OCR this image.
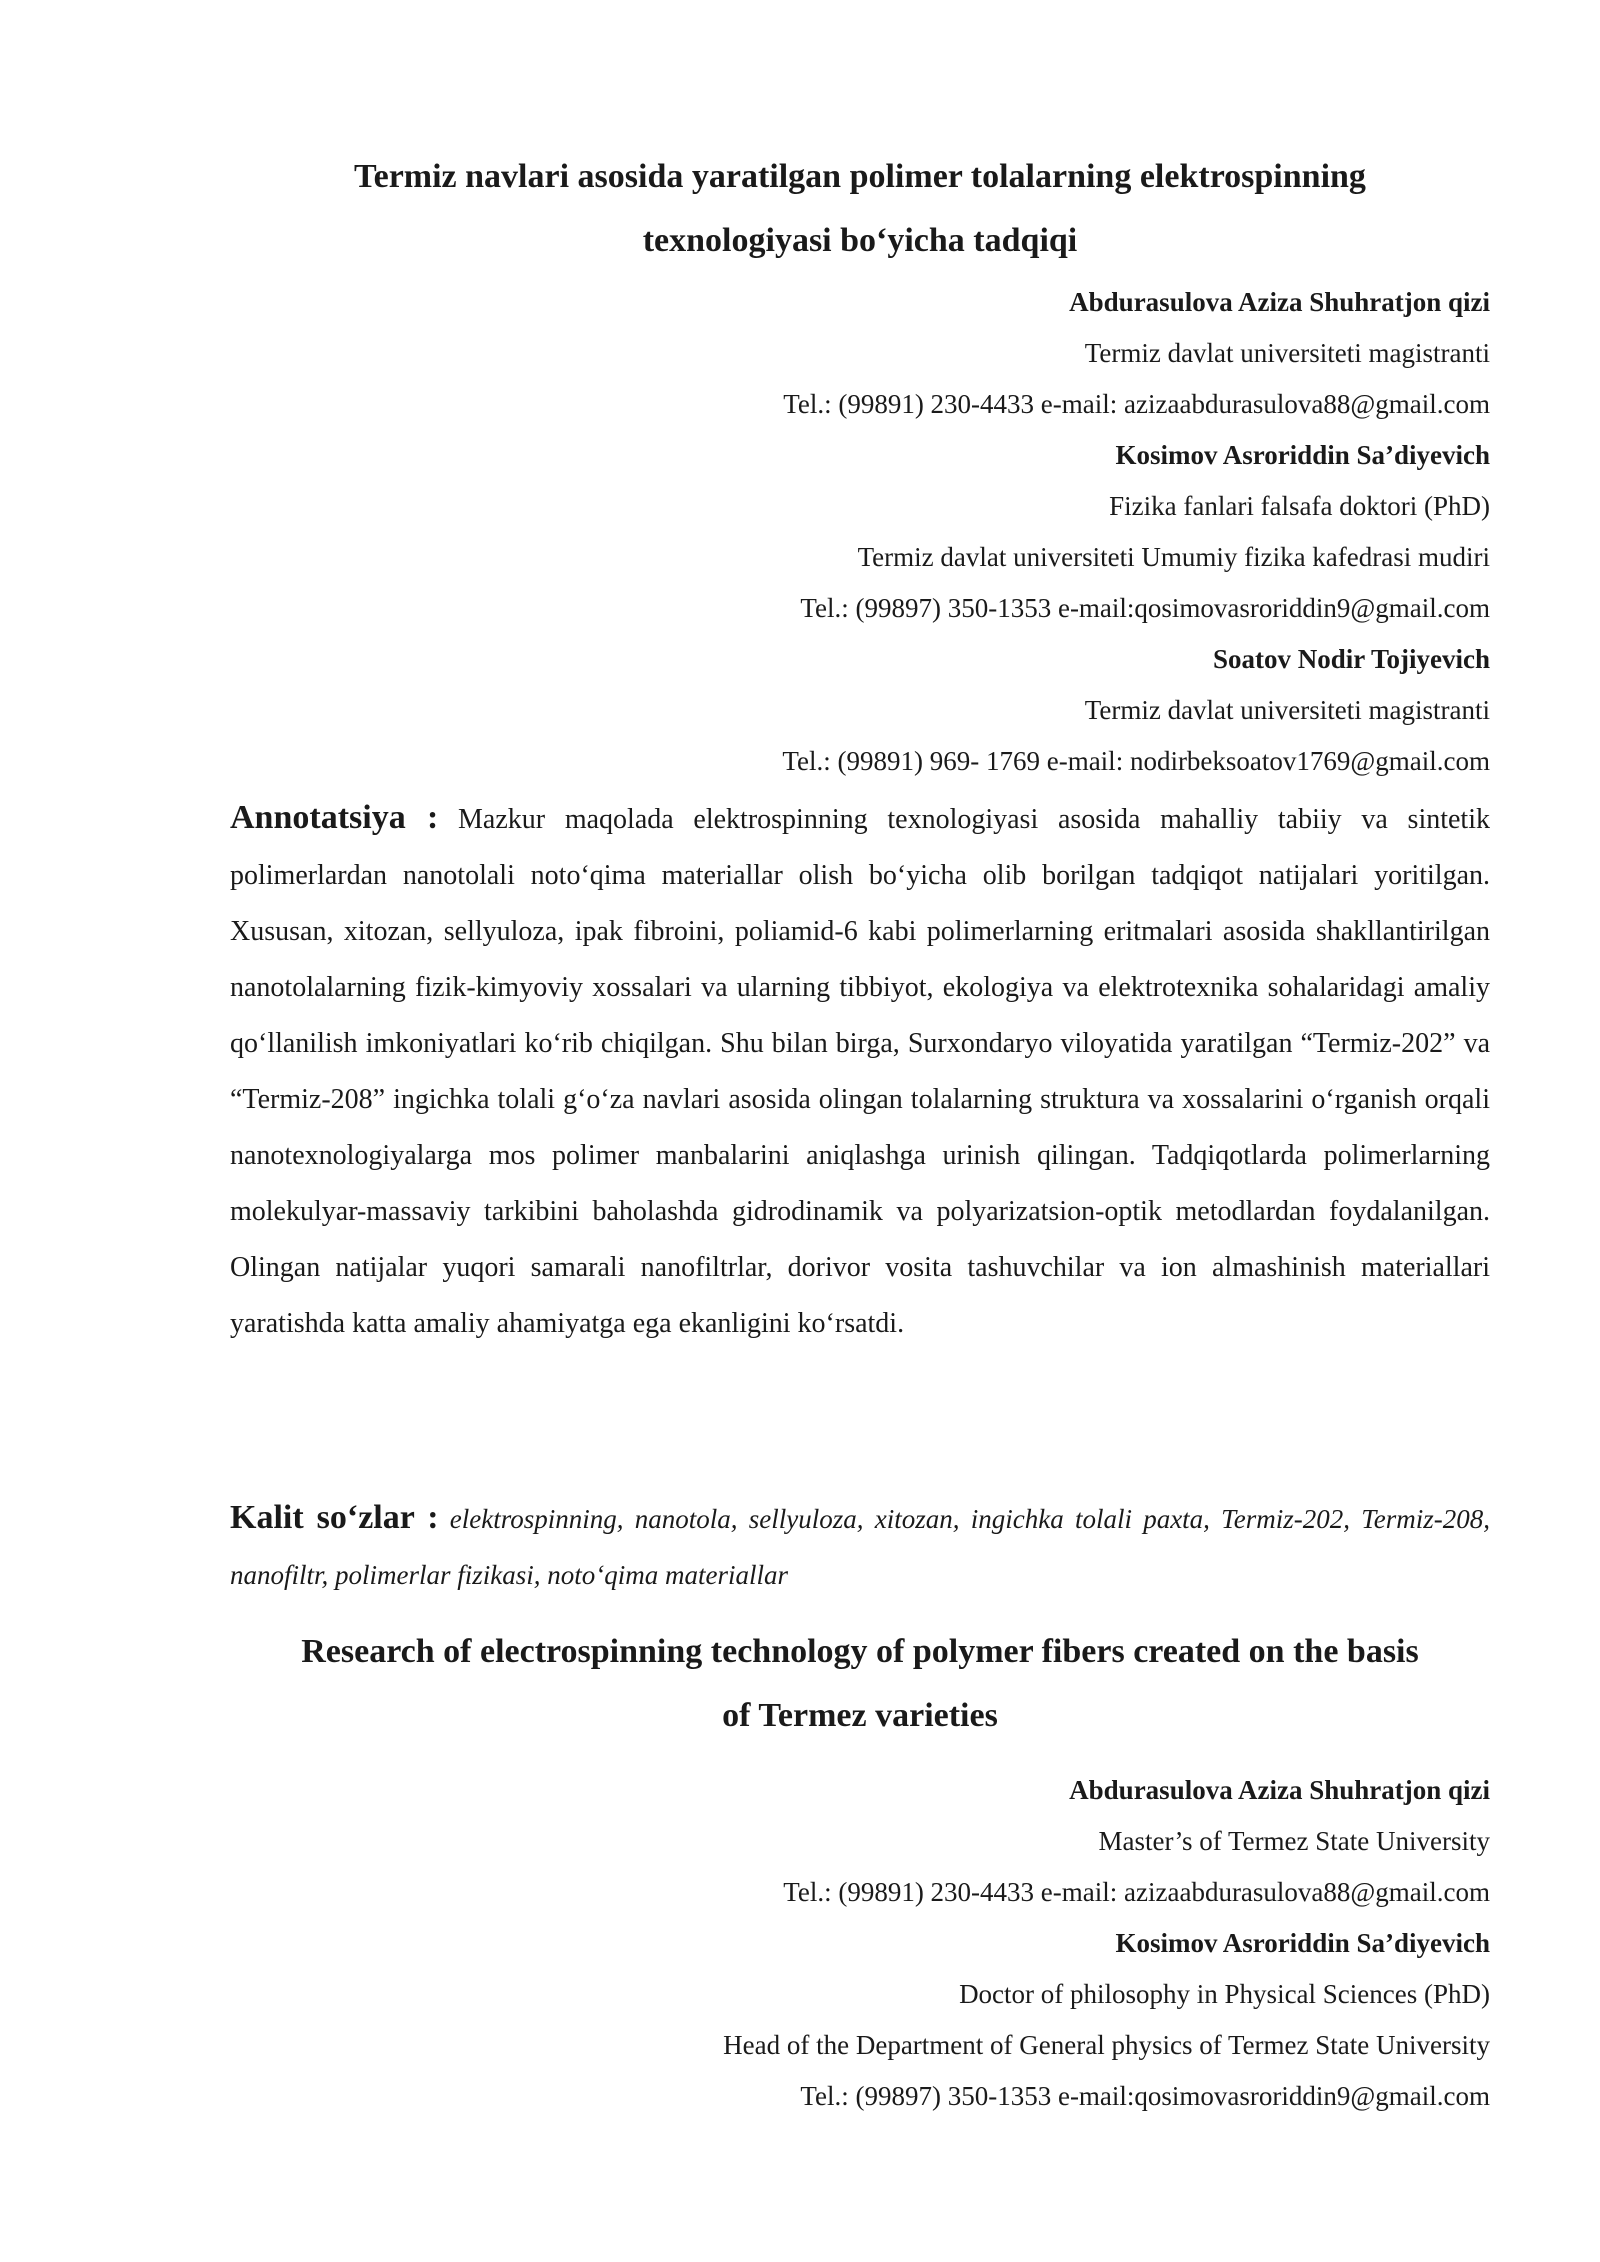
Termiz navlari asosida yaratilgan polimer tolalarning elektrospinning
texnologiyasi bo‘yicha tadqiqi
Abdurasulova Aziza Shuhratjon qizi
Termiz davlat universiteti magistranti
Tel.: (99891) 230-4433 e-mail: azizaabdurasulova88@gmail.com
Kosimov Asroriddin Sa’diyevich
Fizika fanlari falsafa doktori (PhD)
Termiz davlat universiteti Umumiy fizika kafedrasi mudiri
Tel.: (99897) 350-1353 e-mail:qosimovasroriddin9@gmail.com
Soatov Nodir Tojiyevich
Termiz davlat universiteti magistranti
Tel.: (99891) 969- 1769 e-mail: nodirbeksoatov1769@gmail.com

Annotatsiya : Mazkur maqolada elektrospinning texnologiyasi asosida mahalliy tabiiy va sintetik polimerlardan nanotolali noto‘qima materiallar olish bo‘yicha olib borilgan tadqiqot natijalari yoritilgan. Xususan, xitozan, sellyuloza, ipak fibroini, poliamid-6 kabi polimerlarning eritmalari asosida shakllantirilgan nanotolalarning fizik-kimyoviy xossalari va ularning tibbiyot, ekologiya va elektrotexnika sohalaridagi amaliy qo‘llanilish imkoniyatlari ko‘rib chiqilgan. Shu bilan birga, Surxondaryo viloyatida yaratilgan “Termiz-202” va “Termiz-208” ingichka tolali g‘o‘za navlari asosida olingan tolalarning struktura va xossalarini o‘rganish orqali nanotexnologiyalarga mos polimer manbalarini aniqlashga urinish qilingan. Tadqiqotlarda polimerlarning molekulyar-massaviy tarkibini baholashda gidrodinamik va polyarizatsion-optik metodlardan foydalanilgan. Olingan natijalar yuqori samarali nanofiltrlar, dorivor vosita tashuvchilar va ion almashinish materiallari yaratishda katta amaliy ahamiyatga ega ekanligini ko‘rsatdi.

Kalit so‘zlar : elektrospinning, nanotola, sellyuloza, xitozan, ingichka tolali paxta, Termiz-202, Termiz-208, nanofiltr, polimerlar fizikasi, noto‘qima materiallar

Research of electrospinning technology of polymer fibers created on the basis
of Termez varieties
Abdurasulova Aziza Shuhratjon qizi
Master’s of Termez State University
Tel.: (99891) 230-4433 e-mail: azizaabdurasulova88@gmail.com
Kosimov Asroriddin Sa’diyevich
Doctor of philosophy in Physical Sciences (PhD)
Head of the Department of General physics of Termez State University
Tel.: (99897) 350-1353 e-mail:qosimovasroriddin9@gmail.com
